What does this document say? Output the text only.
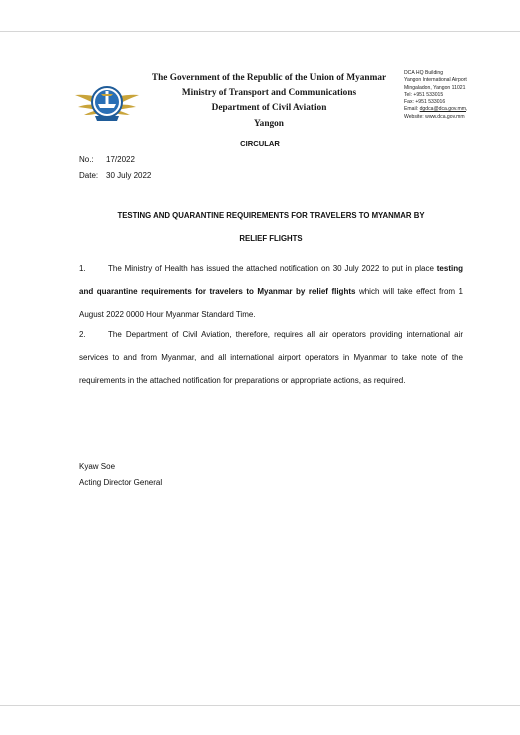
The Government of the Republic of the Union of Myanmar
Ministry of Transport and Communications
Department of Civil Aviation
Yangon
DCA HQ Building
Yangon International Airport
Mingaladon, Yangon 11021
Tel: +951 533015
Fax: +951 533016
Email: dgdca@dca.gov.mm,
Website: www.dca.gov.mm
CIRCULAR
No.: 17/2022
Date: 30 July 2022
TESTING AND QUARANTINE REQUIREMENTS FOR TRAVELERS TO MYANMAR BY
RELIEF FLIGHTS
1.	The Ministry of Health has issued the attached notification on 30 July 2022 to put in place testing and quarantine requirements for travelers to Myanmar by relief flights which will take effect from 1 August 2022 0000 Hour Myanmar Standard Time.
2.	The Department of Civil Aviation, therefore, requires all air operators providing international air services to and from Myanmar, and all international airport operators in Myanmar to take note of the requirements in the attached notification for preparations or appropriate actions, as required.
Kyaw Soe
Acting Director General
